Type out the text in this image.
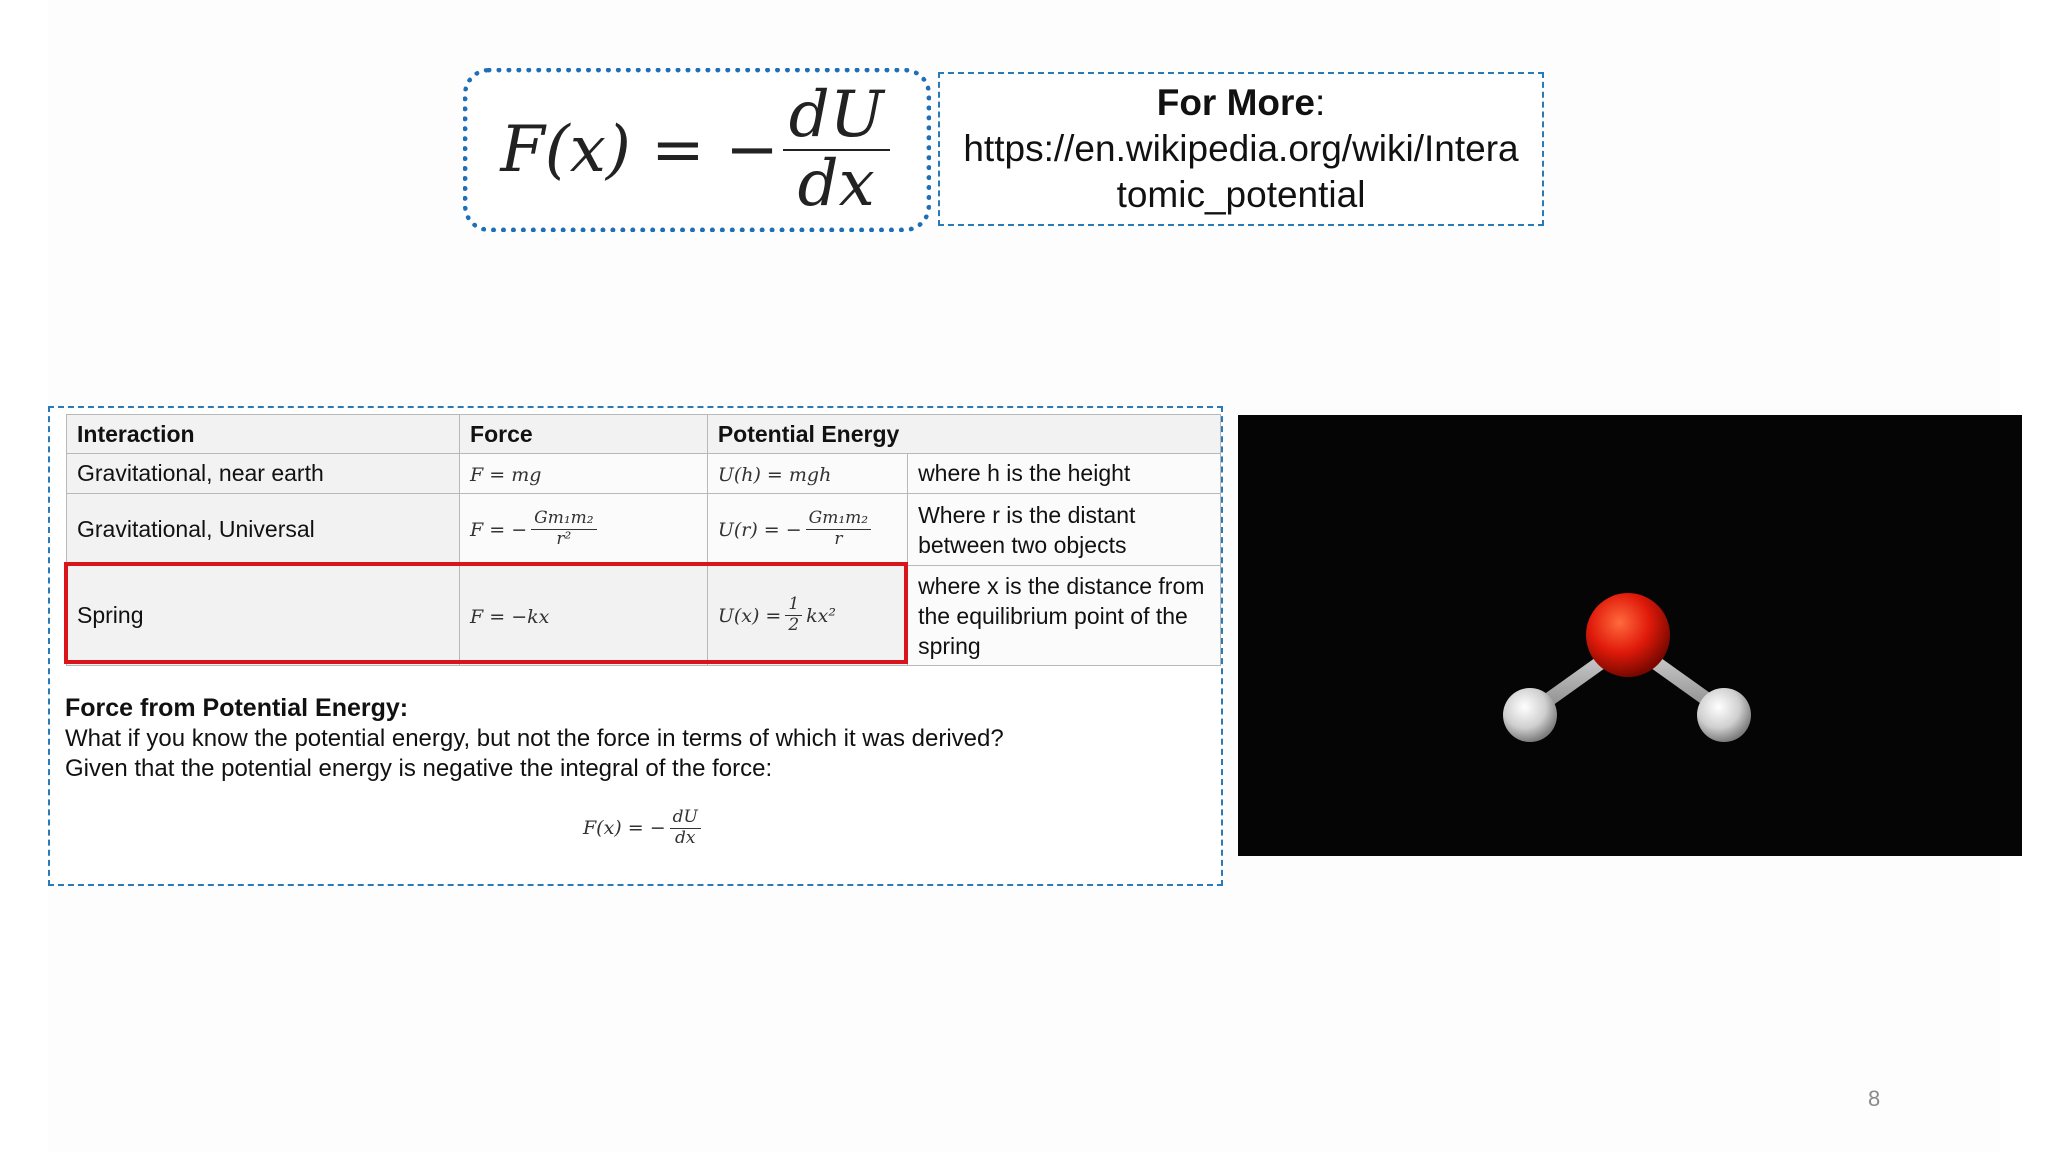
F(x) = − $\frac{dU}{dx}$	For More:
https://en.wikipedia.org/wiki/Intera
tomic_potential
Interaction	Force	Potential Energy	
Gravitational, near earth	F = mg	U(h) = mgh	where h is the height
Gravitational, Universal	F = − $\frac{\text{Gm₁m₂}}{\text{r²}}$	U(r) = − $\frac{\text{Gm₁m₂}}{r}$	Where r is the distant between two objects
Spring	F = −kx	$U(x) = \frac{1}{2} kx^2$	where x is the distance from the equilibrium point of the spring
Force from Potential Energy:
What if you know the potential energy, but not the force in terms of which it was derived? Given that the potential energy is negative the integral of the force:
F(x) = − $\frac{dU}{dx}$
8
